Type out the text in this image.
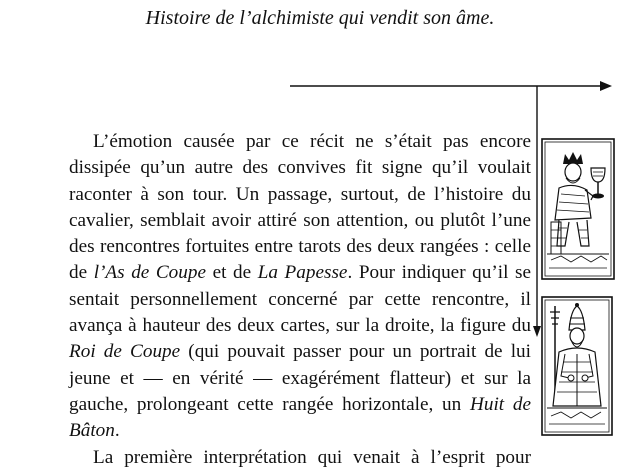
Histoire de l’alchimiste qui vendit son âme.
L’émotion causée par ce récit ne s’était pas encore
dissipée qu’un autre des convives fit signe qu’il voulait
raconter à son tour. Un passage, surtout, de l’histoire du
cavalier, semblait avoir attiré son attention, ou plutôt l’une
des rencontres fortuites entre tarots des deux rangées : celle
de l’As de Coupe et de La Papesse. Pour indiquer qu’il se
sentait personnellement concerné par cette rencontre, il
avança à hauteur des deux cartes, sur la droite, la figure du
Roi de Coupe (qui pouvait passer pour un portrait de lui
jeune et — en vérité — exagérément flatteur) et sur la
gauche, prolongeant cette rangée horizontale, un Huit de
Bâton.
La première interprétation qui venait à l’esprit pour
